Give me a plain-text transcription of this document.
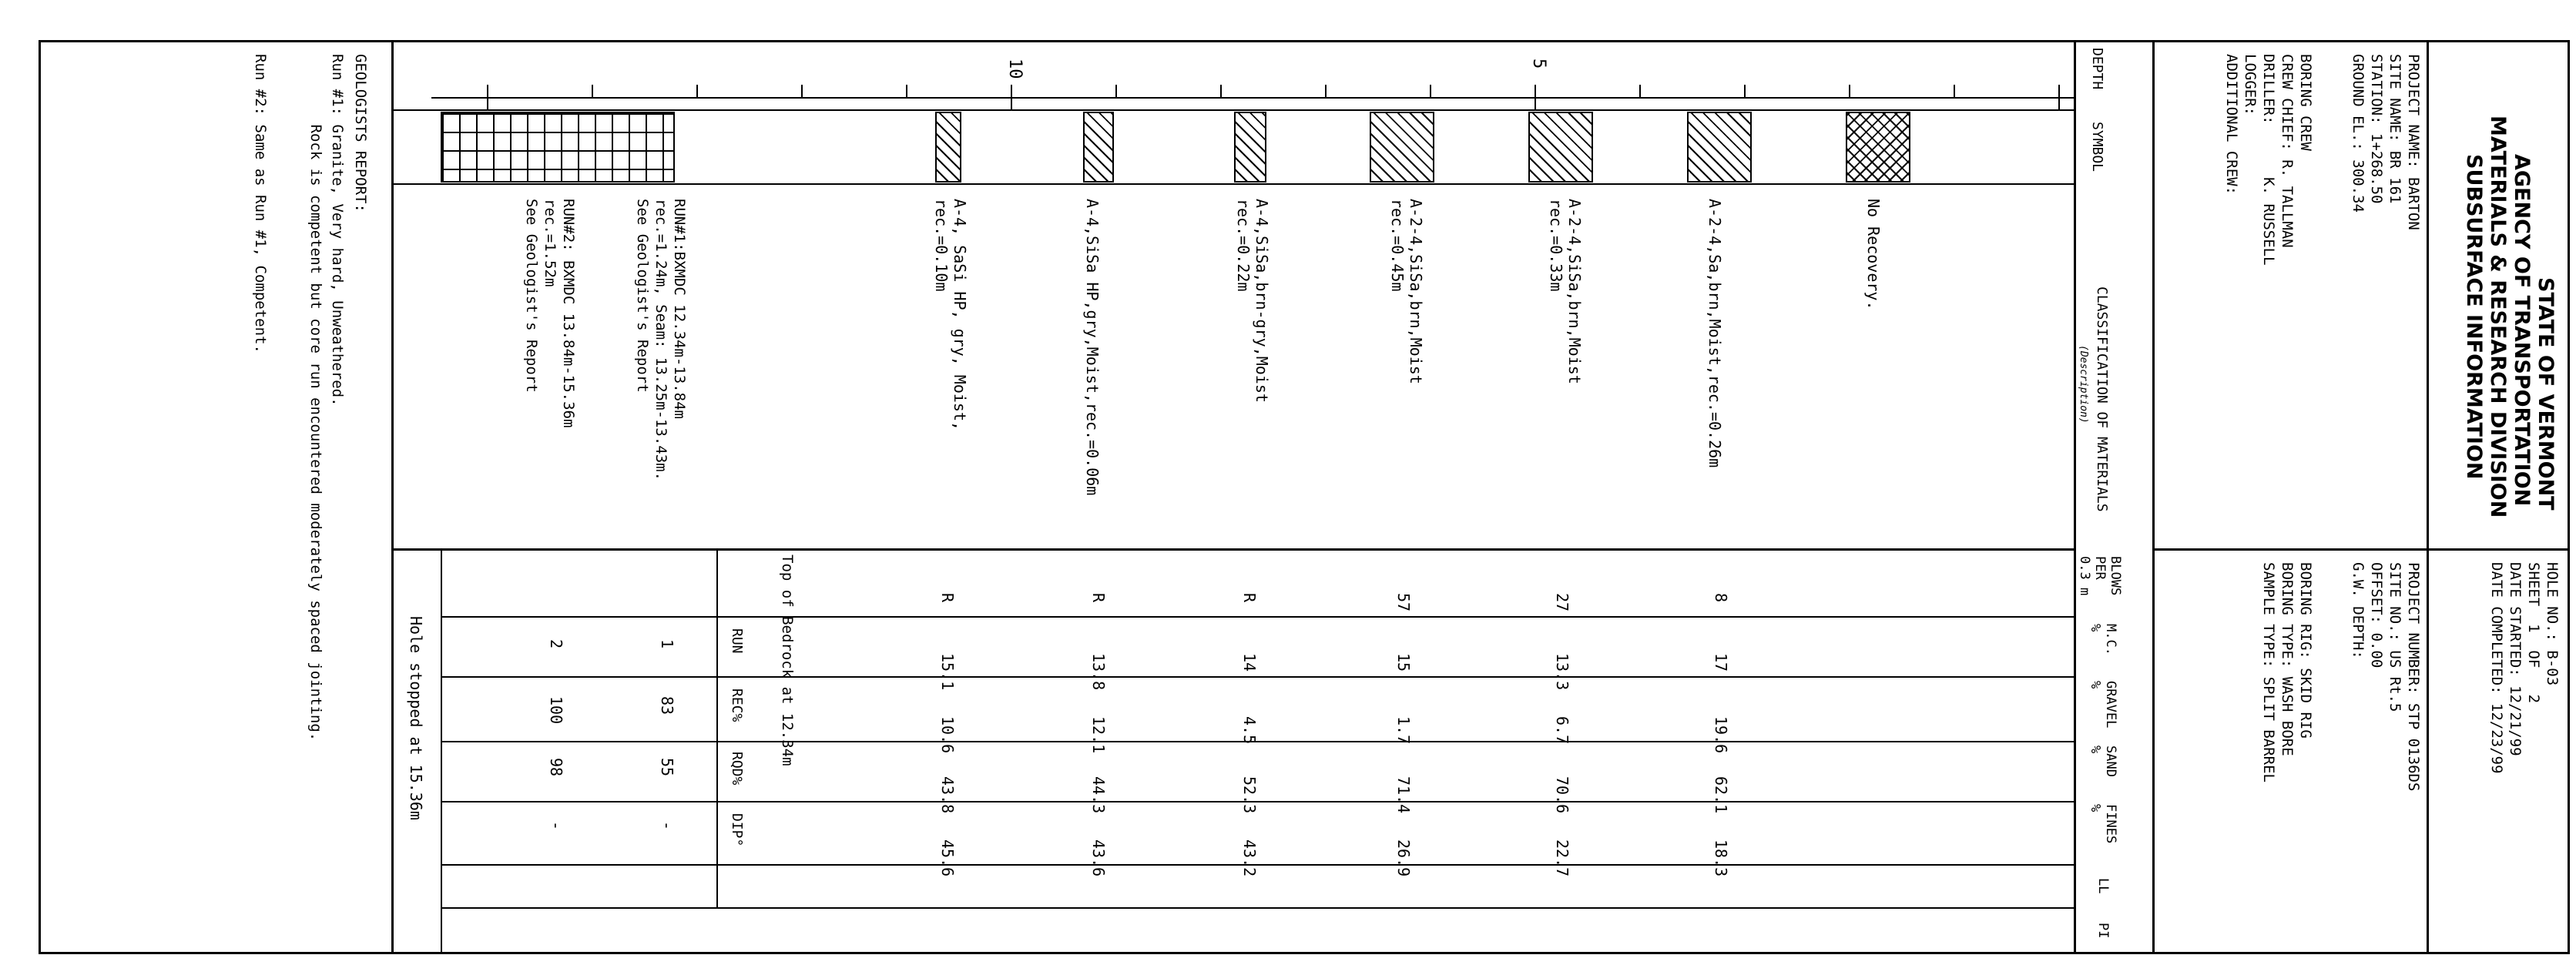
STATE OF VERMONT
AGENCY OF TRANSPORTATION
MATERIALS & RESEARCH DIVISION
SUBSURFACE INFORMATION
HOLE NO.: B-03
SHEET  1  OF   2
DATE STARTED: 12/21/99
DATE COMPLETED: 12/23/99
PROJECT NAME: BARTON
SITE NAME: BR 161
STATION: 1+268.50
GROUND EL.: 300.34
BORING CREW
CREW CHIEF: R. TALLMAN
DRILLER:      K. RUSSELL
LOGGER:
ADDITIONAL CREW:
PROJECT NUMBER: STP 0136DS
SITE NO.: US Rt.5
OFFSET: 0.00
G.W. DEPTH:
BORING RIG: SKID RIG
BORING TYPE: WASH BORE
SAMPLE TYPE: SPLIT BARREL
DEPTH
SYMBOL
CLASSIFICATION OF MATERIALS
(Description)
BLOWS
PER
0.3 m
M.C.
%
GRAVEL
%
SAND
%
FINES
%
LL
PI
5
10
No Recovery.
A-2-4,Sa,brn,Moist,rec.=0.26m
8
17
19.6
62.1
18.3
A-2-4,SiSa,brn,Moist
rec.=0.33m
27
13.3
6.7
70.6
22.7
A-2-4,SiSa,brn,Moist
rec.=0.45m
57
15
1.7
71.4
26.9
A-4,SiSa,brn-gry,Moist
rec.=0.22m
R
14
4.5
52.3
43.2
A-4,SiSa HP,gry,Moist,rec.=0.06m
R
13.8
12.1
44.3
43.6
A-4, SaSi HP, gry, Moist,
rec.=0.10m
R
15.1
10.6
43.8
45.6
Top of Bedrock at 12.34m
RUN
REC%
RQD%
DIP°
RUN#1:BXMDC 12.34m-13.84m
rec.=1.24m, Seam: 13.25m-13.43m.
See Geologist's Report
1
83
55
-
RUN#2: BXMDC 13.84m-15.36m
rec.=1.52m
See Geologist's Report
2
100
98
-
Hole stopped at 15.36m
GEOLOGISTS REPORT:
Run #1: Granite, Very hard, Unweathered.
Rock is competent but core run encountered moderately spaced jointing.
Run #2: Same as Run #1, Competent.
